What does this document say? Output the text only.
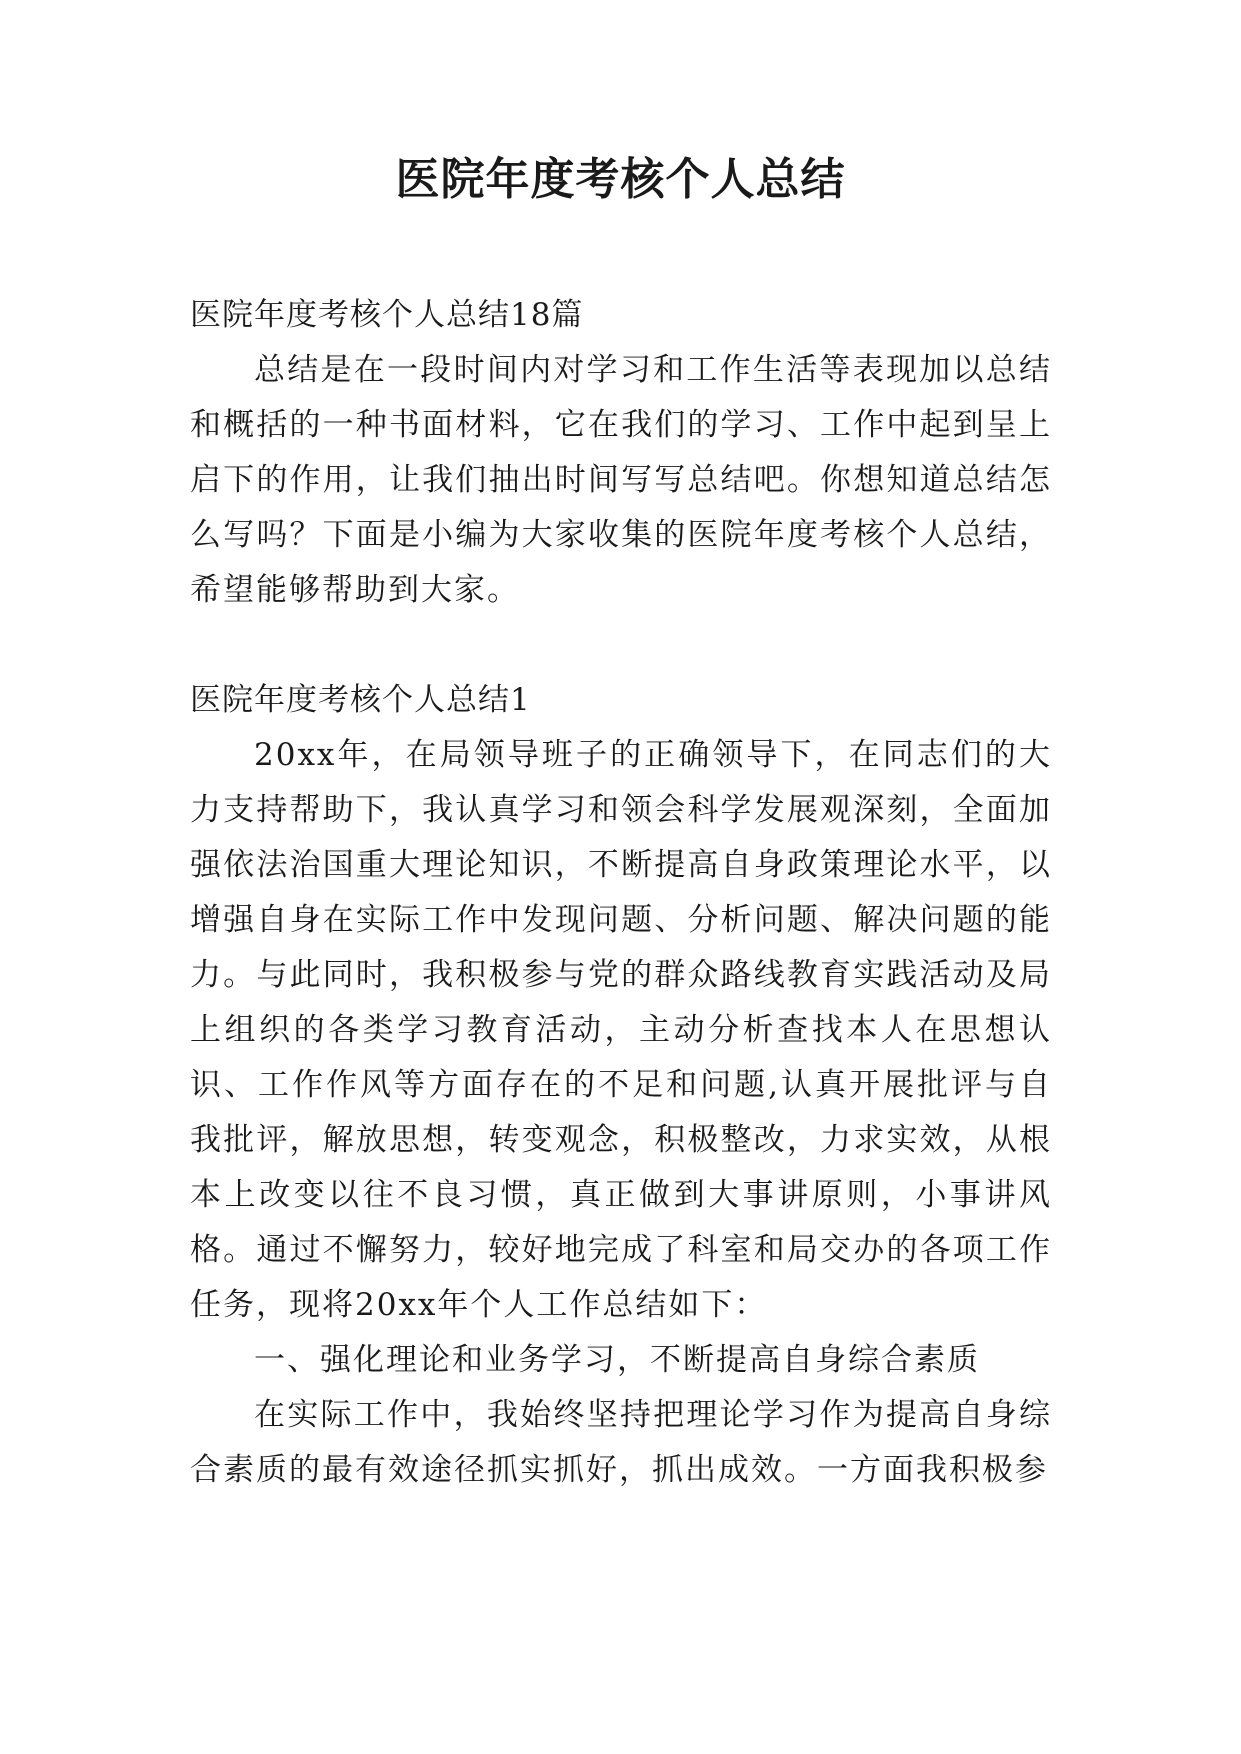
医院年度考核个人总结

医院年度考核个人总结18篇

总结是在一段时间内对学习和工作生活等表现加以总结和概括的一种书面材料，它在我们的学习、工作中起到呈上启下的作用，让我们抽出时间写写总结吧。你想知道总结怎么写吗？下面是小编为大家收集的医院年度考核个人总结，希望能够帮助到大家。

医院年度考核个人总结1

20xx年，在局领导班子的正确领导下，在同志们的大力支持帮助下，我认真学习和领会科学发展观深刻，全面加强依法治国重大理论知识，不断提高自身政策理论水平，以增强自身在实际工作中发现问题、分析问题、解决问题的能力。与此同时，我积极参与党的群众路线教育实践活动及局上组织的各类学习教育活动，主动分析查找本人在思想认识、工作作风等方面存在的不足和问题,认真开展批评与自我批评，解放思想，转变观念，积极整改，力求实效，从根本上改变以往不良习惯，真正做到大事讲原则，小事讲风格。通过不懈努力，较好地完成了科室和局交办的各项工作任务，现将20xx年个人工作总结如下：

一、强化理论和业务学习，不断提高自身综合素质

在实际工作中，我始终坚持把理论学习作为提高自身综合素质的最有效途径抓实抓好，抓出成效。一方面我积极参
